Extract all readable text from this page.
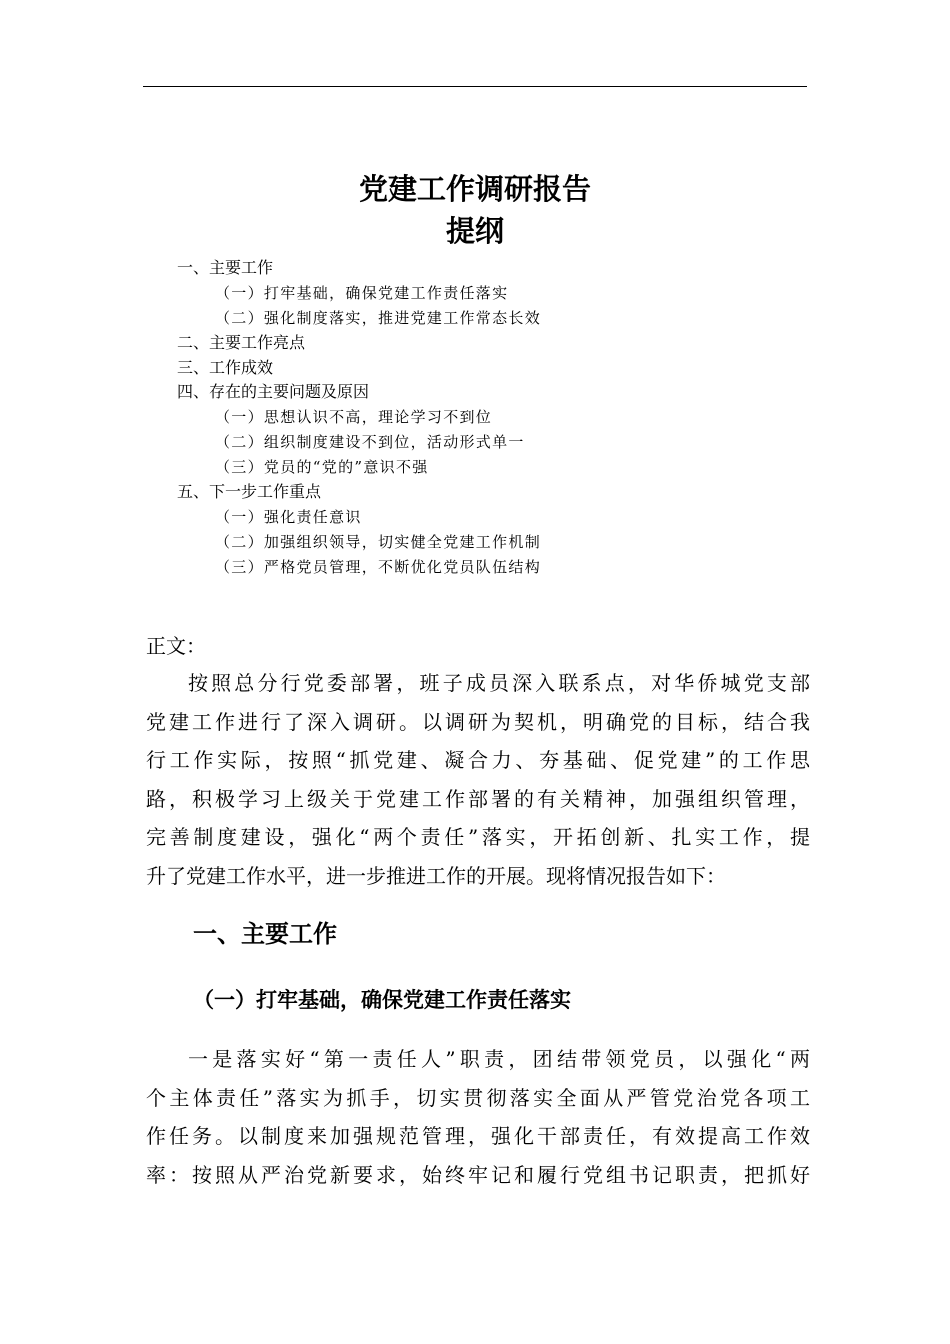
党建工作调研报告
提纲
一、主要工作
（一）打牢基础，确保党建工作责任落实
（二）强化制度落实，推进党建工作常态长效
二、主要工作亮点
三、工作成效
四、存在的主要问题及原因
（一）思想认识不高，理论学习不到位
（二）组织制度建设不到位，活动形式单一
（三）党员的“党的”意识不强
五、下一步工作重点
（一）强化责任意识
（二）加强组织领导，切实健全党建工作机制
（三）严格党员管理，不断优化党员队伍结构
正文：
按照总分行党委部署，班子成员深入联系点，对华侨城党支部
党建工作进行了深入调研。以调研为契机，明确党的目标，结合我
行工作实际，按照“抓党建、凝合力、夯基础、促党建”的工作思
路，积极学习上级关于党建工作部署的有关精神，加强组织管理，
完善制度建设，强化“两个责任”落实，开拓创新、扎实工作，提
升了党建工作水平，进一步推进工作的开展。现将情况报告如下：
一、主要工作
（一）打牢基础，确保党建工作责任落实
一是落实好“第一责任人”职责，团结带领党员，以强化“两
个主体责任”落实为抓手，切实贯彻落实全面从严管党治党各项工
作任务。以制度来加强规范管理，强化干部责任，有效提高工作效
率：按照从严治党新要求，始终牢记和履行党组书记职责，把抓好
